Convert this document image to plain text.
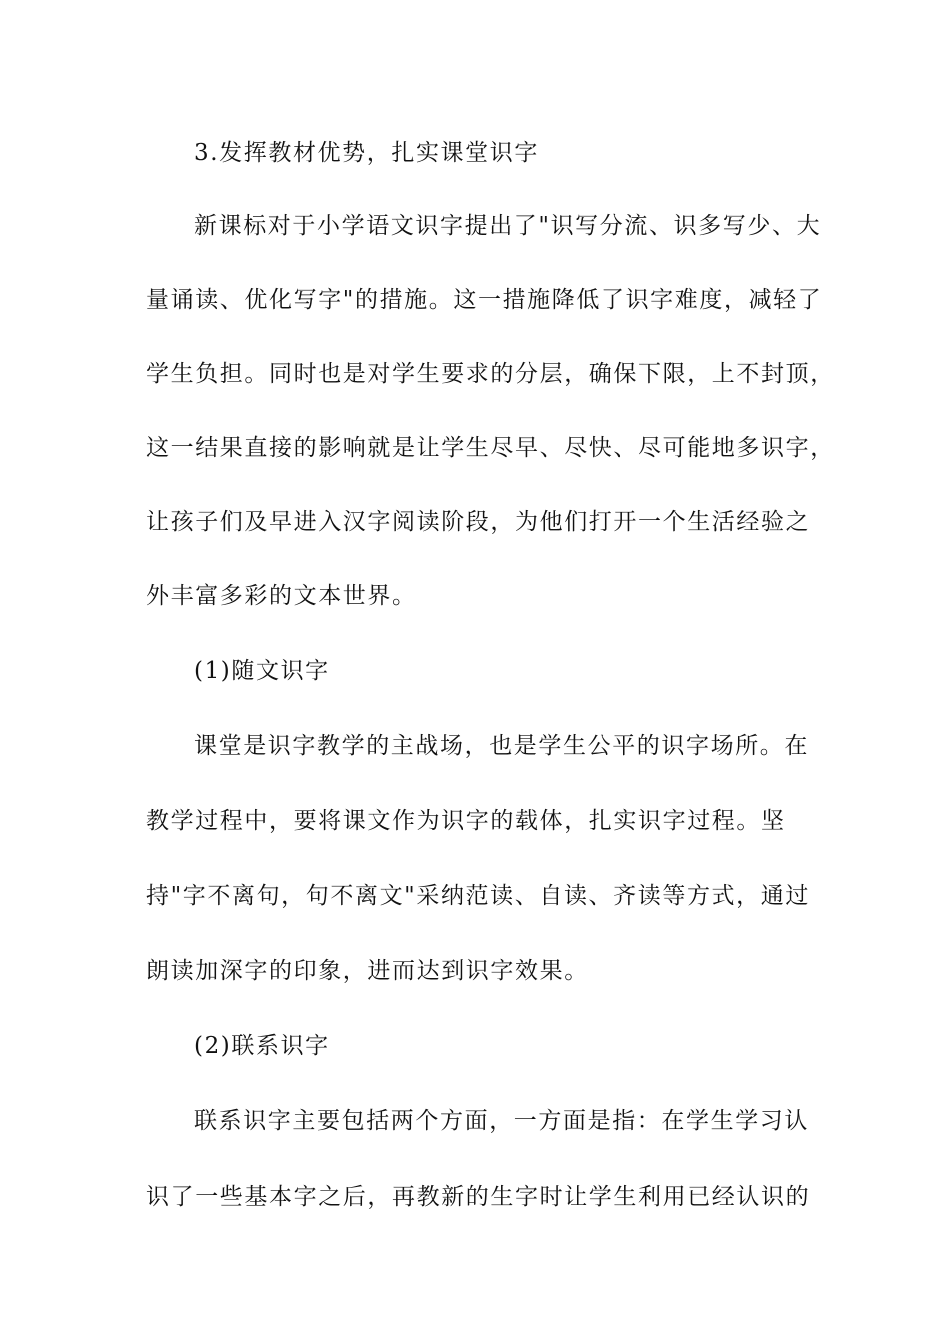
3.发挥教材优势，扎实课堂识字
新课标对于小学语文识字提出了"识写分流、识多写少、大
量诵读、优化写字"的措施。这一措施降低了识字难度，减轻了
学生负担。同时也是对学生要求的分层，确保下限，上不封顶，
这一结果直接的影响就是让学生尽早、尽快、尽可能地多识字，
让孩子们及早进入汉字阅读阶段，为他们打开一个生活经验之
外丰富多彩的文本世界。
(1)随文识字
课堂是识字教学的主战场，也是学生公平的识字场所。在
教学过程中，要将课文作为识字的载体，扎实识字过程。坚
持"字不离句，句不离文"采纳范读、自读、齐读等方式，通过
朗读加深字的印象，进而达到识字效果。
(2)联系识字
联系识字主要包括两个方面，一方面是指：在学生学习认
识了一些基本字之后，再教新的生字时让学生利用已经认识的
